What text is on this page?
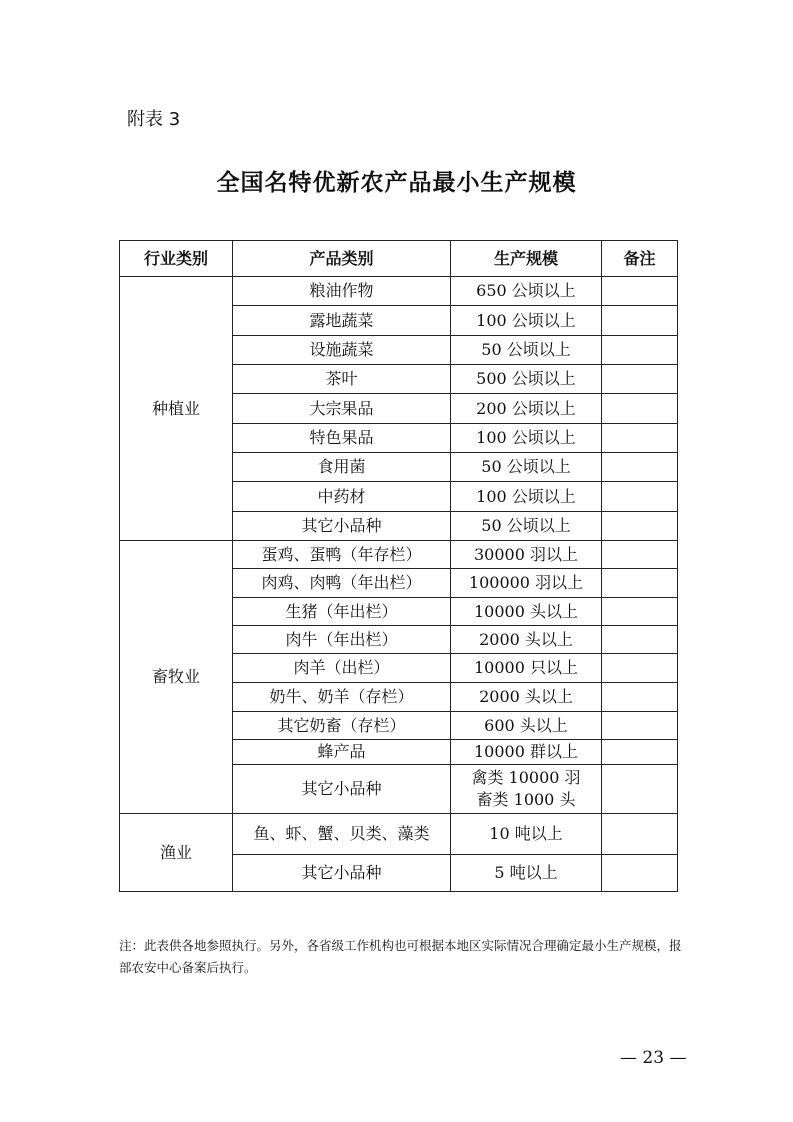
附表 3
全国名特优新农产品最小生产规模
行业类别	产品类别	生产规模	备注
种植业	粮油作物	650 公顷以上	

	露地蔬菜	100 公顷以上	

	设施蔬菜	50 公顷以上	

	茶叶	500 公顷以上	

	大宗果品	200 公顷以上	

	特色果品	100 公顷以上	

	食用菌	50 公顷以上	

	中药材	100 公顷以上	

	其它小品种	50 公顷以上	

畜牧业	蛋鸡、蛋鸭（年存栏）	30000 羽以上	

	肉鸡、肉鸭（年出栏）	100000 羽以上	

	生猪（年出栏）	10000 头以上	

	肉牛（年出栏）	2000 头以上	

	肉羊（出栏）	10000 只以上	

	奶牛、奶羊（存栏）	2000 头以上	

	其它奶畜（存栏）	600 头以上	

	蜂产品	10000 群以上	

	其它小品种	禽类 10000 羽
畜类 1000 头	

渔业	鱼、虾、蟹、贝类、藻类	10 吨以上	

	其它小品种	5 吨以上	

注：此表供各地参照执行。另外，各省级工作机构也可根据本地区实际情况合理确定最小生产规模，报部农安中心备案后执行。
— 23 —
